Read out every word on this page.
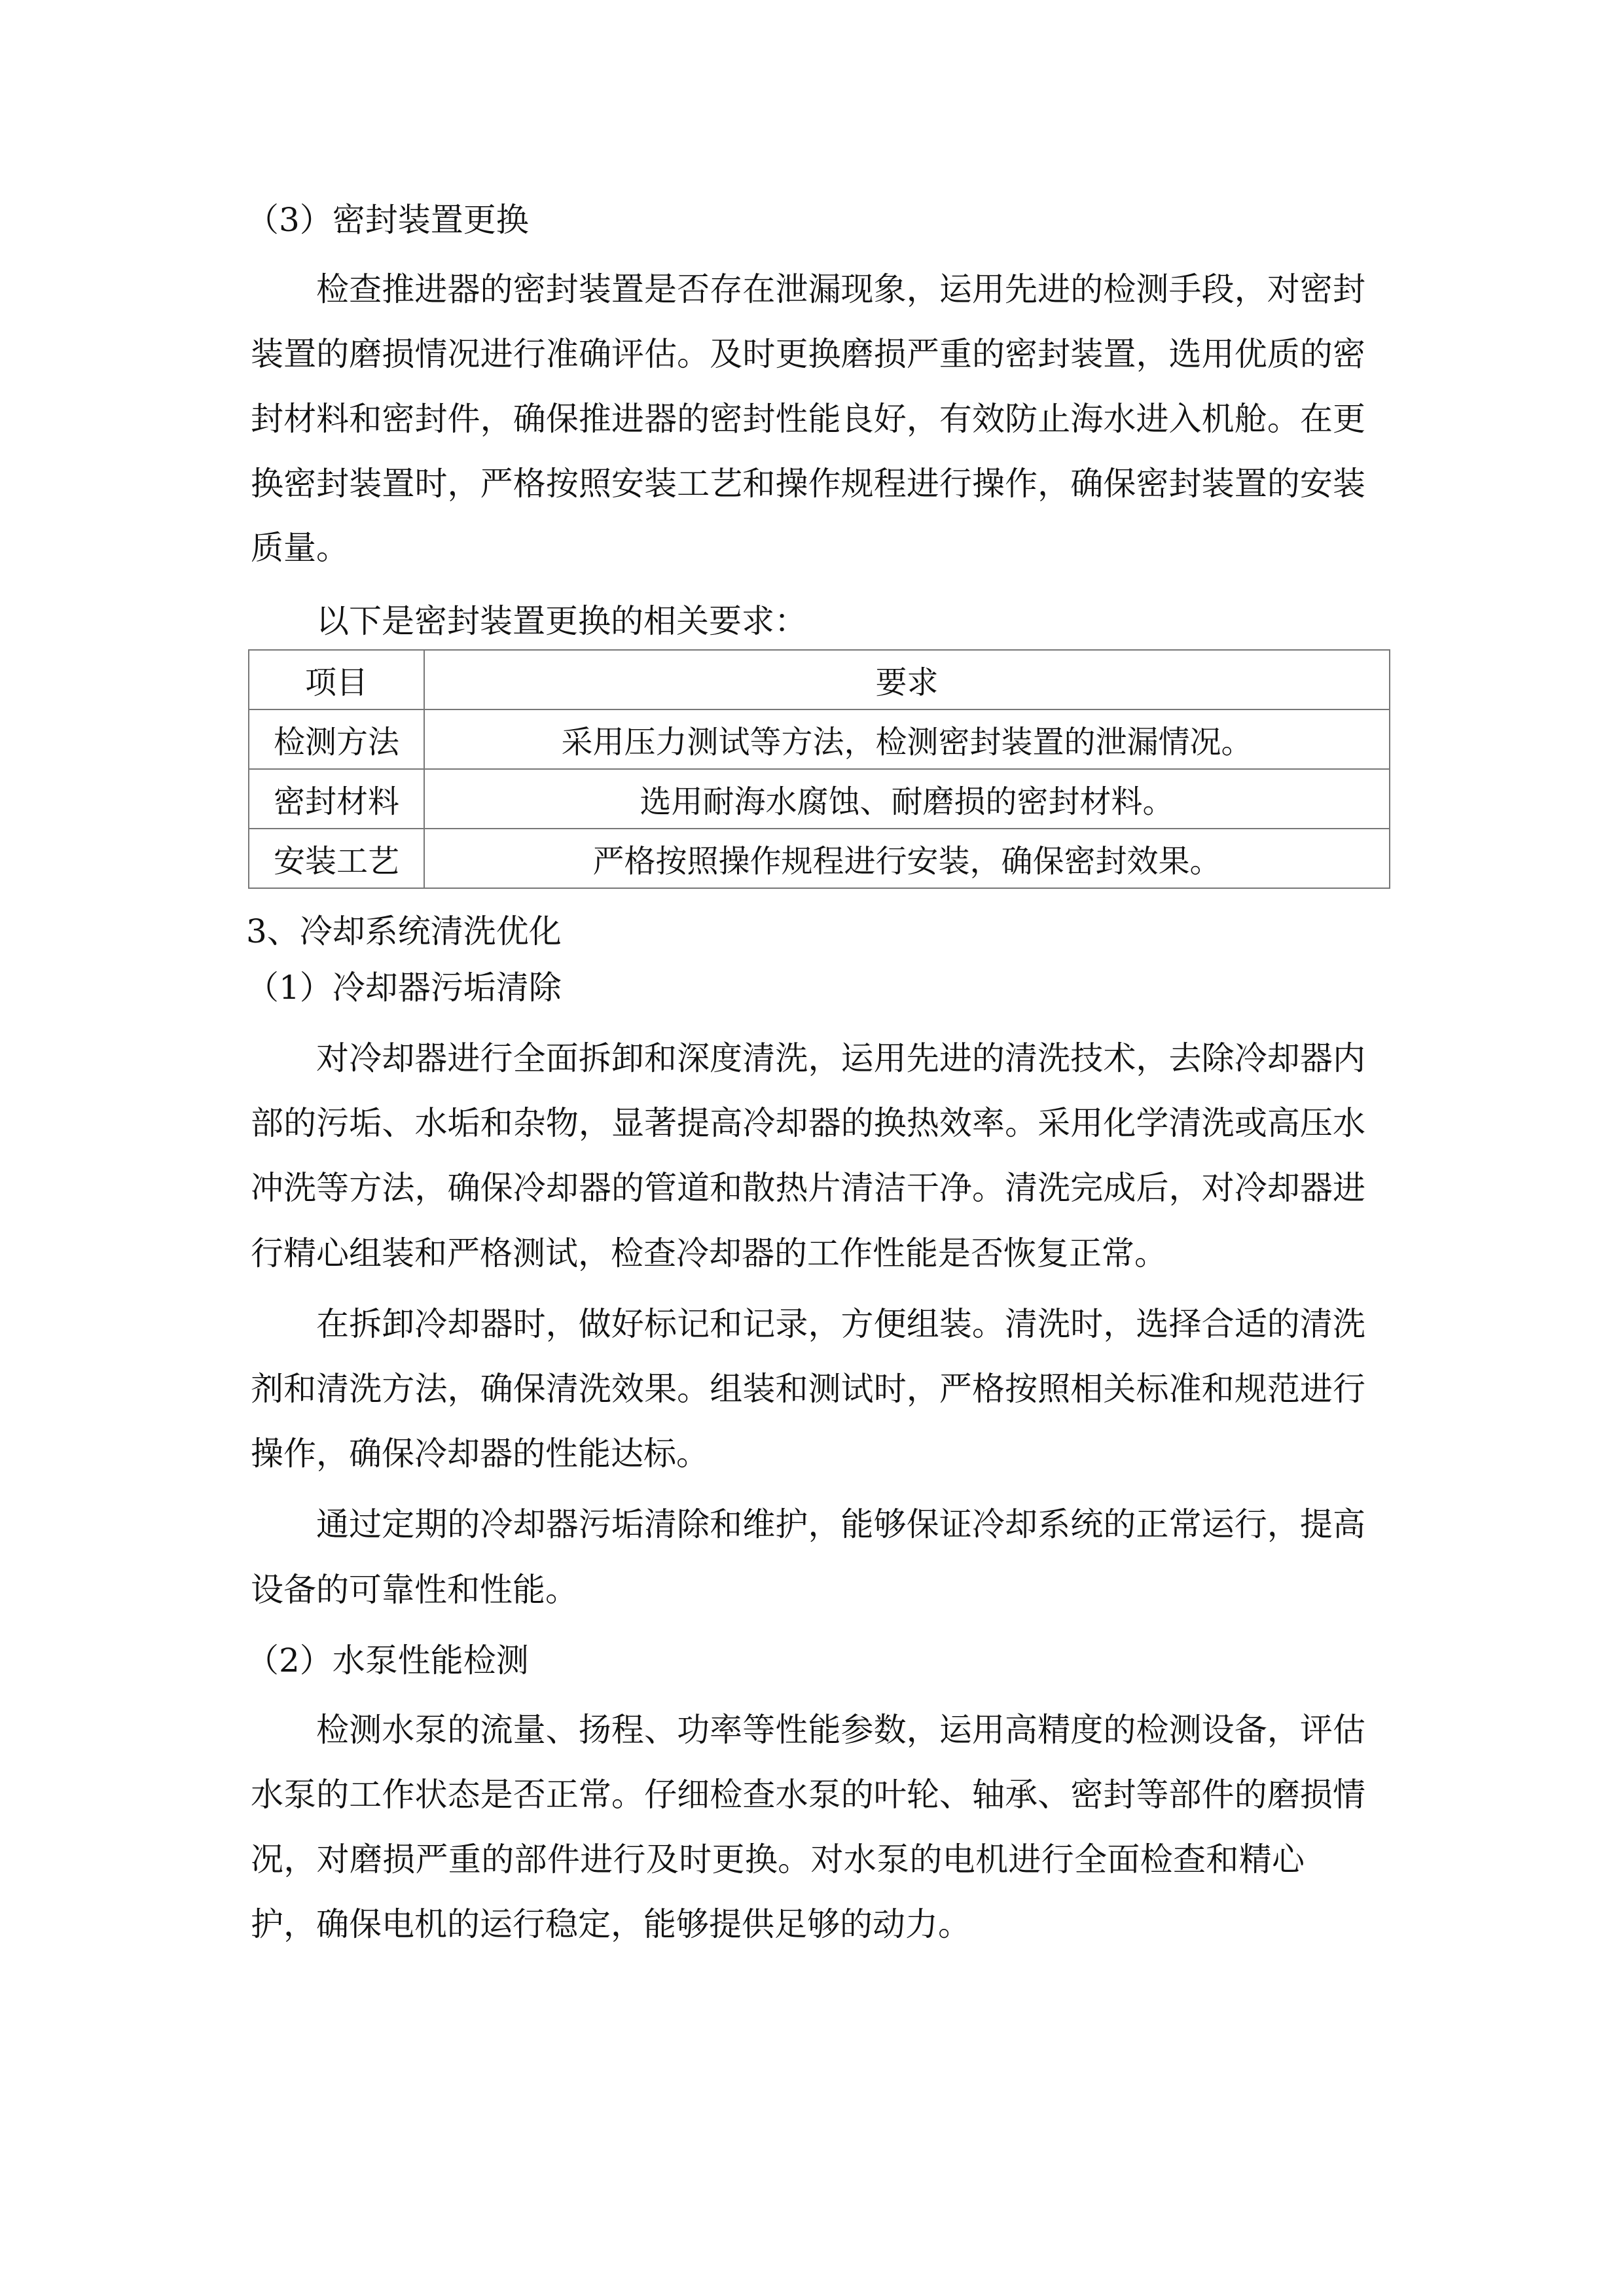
（3）密封装置更换
检查推进器的密封装置是否存在泄漏现象，运用先进的检测手段，对密封
装置的磨损情况进行准确评估。及时更换磨损严重的密封装置，选用优质的密
封材料和密封件，确保推进器的密封性能良好，有效防止海水进入机舱。在更
换密封装置时，严格按照安装工艺和操作规程进行操作，确保密封装置的安装
质量。
以下是密封装置更换的相关要求：
项目	要求
检测方法	采用压力测试等方法，检测密封装置的泄漏情况。
密封材料	选用耐海水腐蚀、耐磨损的密封材料。
安装工艺	严格按照操作规程进行安装，确保密封效果。
3、冷却系统清洗优化
（1）冷却器污垢清除
对冷却器进行全面拆卸和深度清洗，运用先进的清洗技术，去除冷却器内
部的污垢、水垢和杂物，显著提高冷却器的换热效率。采用化学清洗或高压水
冲洗等方法，确保冷却器的管道和散热片清洁干净。清洗完成后，对冷却器进
行精心组装和严格测试，检查冷却器的工作性能是否恢复正常。
在拆卸冷却器时，做好标记和记录，方便组装。清洗时，选择合适的清洗
剂和清洗方法，确保清洗效果。组装和测试时，严格按照相关标准和规范进行
操作，确保冷却器的性能达标。
通过定期的冷却器污垢清除和维护，能够保证冷却系统的正常运行，提高
设备的可靠性和性能。
（2）水泵性能检测
检测水泵的流量、扬程、功率等性能参数，运用高精度的检测设备，评估
水泵的工作状态是否正常。仔细检查水泵的叶轮、轴承、密封等部件的磨损情
况，对磨损严重的部件进行及时更换。对水泵的电机进行全面检查和精心
护，确保电机的运行稳定，能够提供足够的动力。
